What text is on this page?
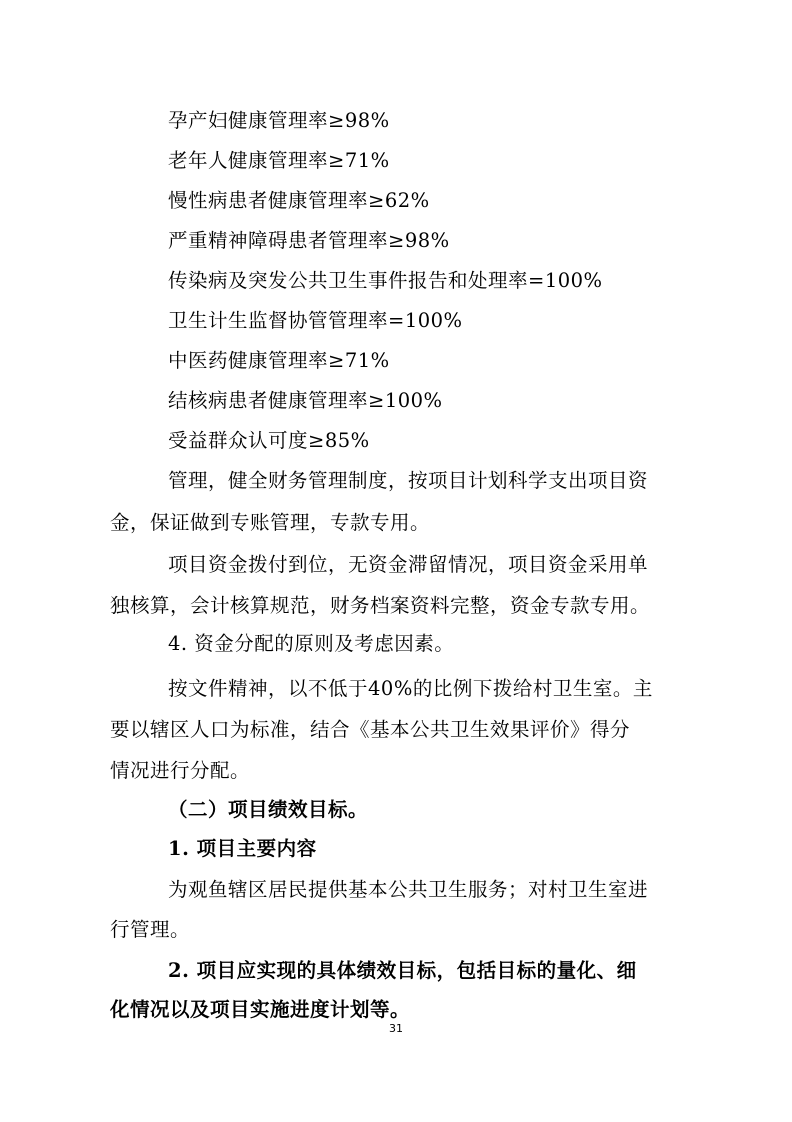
孕产妇健康管理率≥98%
老年人健康管理率≥71%
慢性病患者健康管理率≥62%
严重精神障碍患者管理率≥98%
传染病及突发公共卫生事件报告和处理率=100%
卫生计生监督协管管理率=100%
中医药健康管理率≥71%
结核病患者健康管理率≥100%
受益群众认可度≥85%
管理，健全财务管理制度，按项目计划科学支出项目资
金，保证做到专账管理，专款专用。
项目资金拨付到位，无资金滞留情况，项目资金采用单
独核算，会计核算规范，财务档案资料完整，资金专款专用。
4. 资金分配的原则及考虑因素。
按文件精神，以不低于40%的比例下拨给村卫生室。主
要以辖区人口为标准，结合《基本公共卫生效果评价》得分
情况进行分配。
（二）项目绩效目标。
1. 项目主要内容
为观鱼辖区居民提供基本公共卫生服务；对村卫生室进
行管理。
2. 项目应实现的具体绩效目标，包括目标的量化、细
化情况以及项目实施进度计划等。
31
